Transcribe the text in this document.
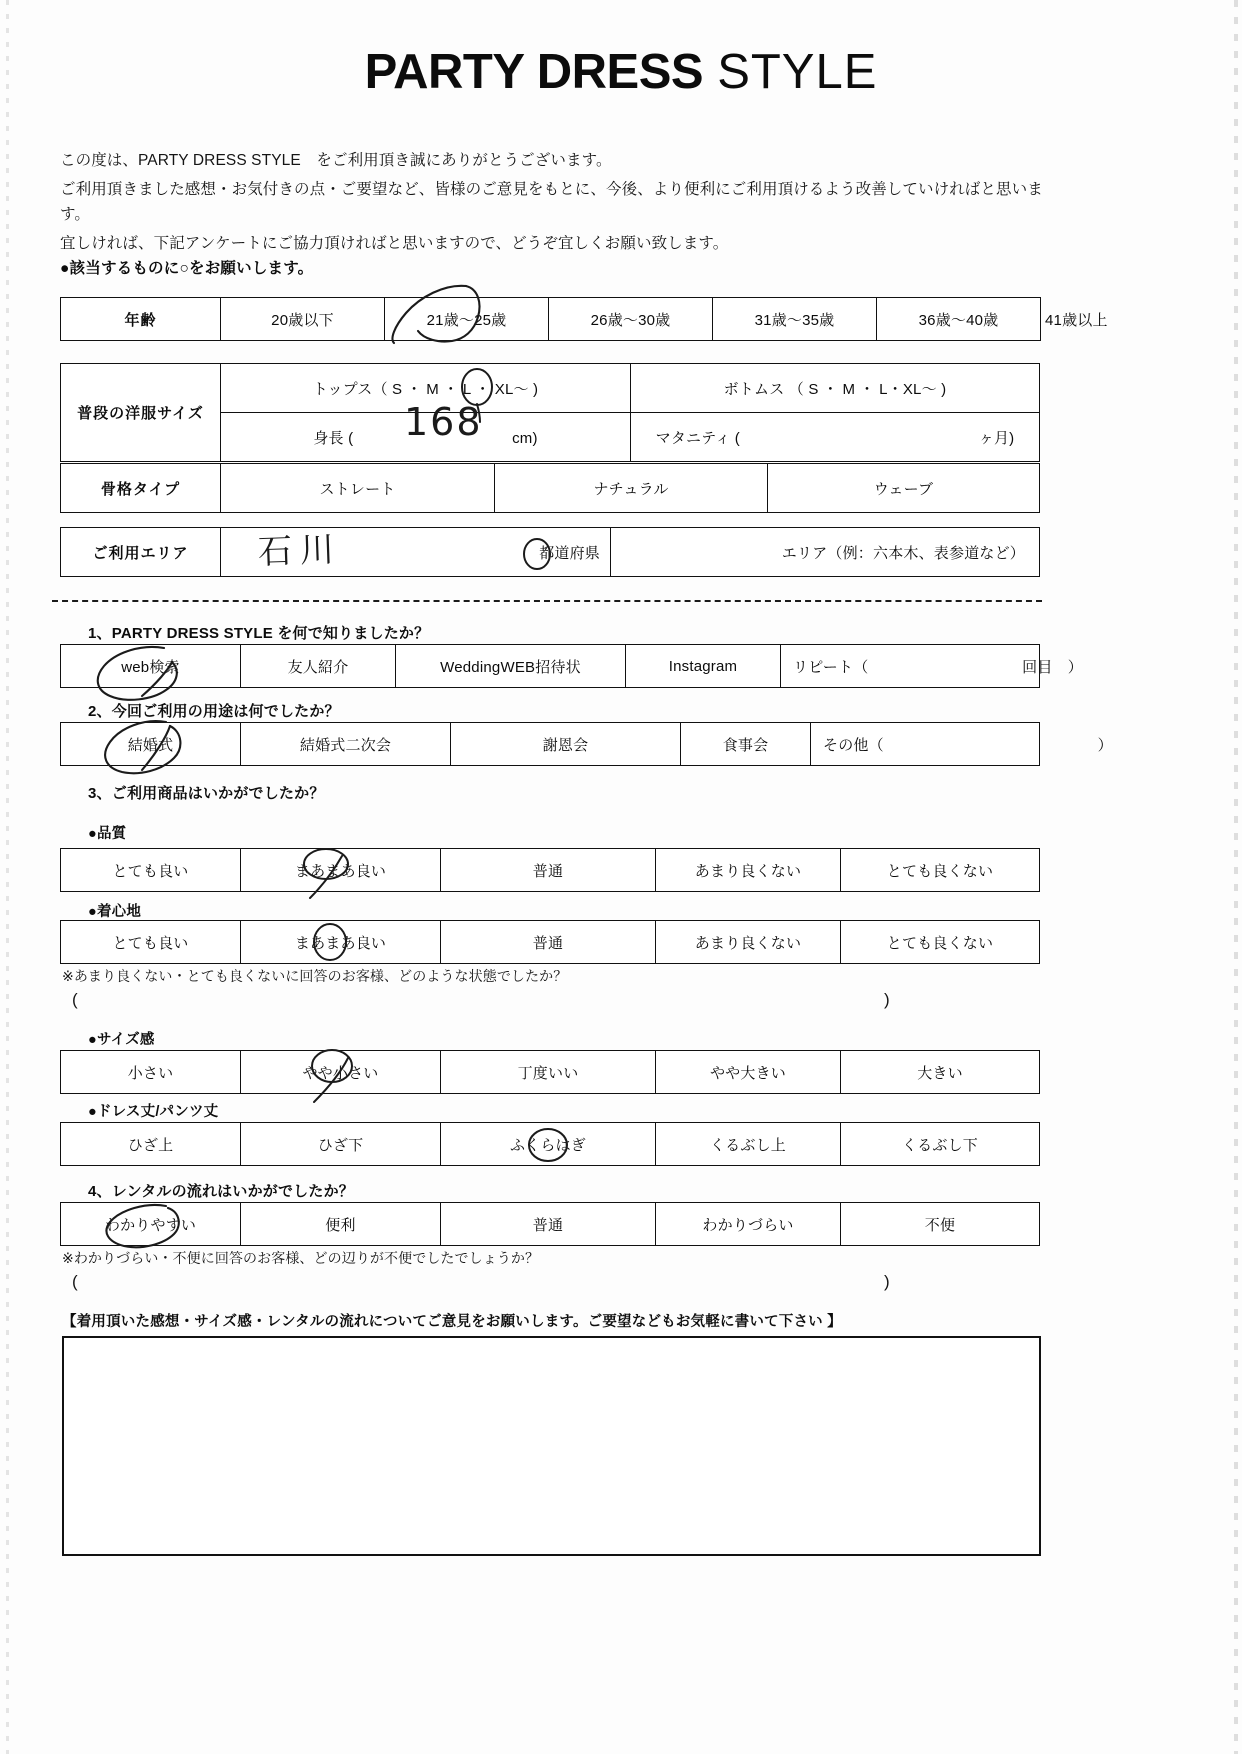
PARTY DRESS STYLE

この度は、PARTY DRESS STYLE　をご利用頂き誠にありがとうございます。

ご利用頂きました感想・お気付きの点・ご要望など、皆様のご意見をもとに、今後、より便利にご利用頂けるよう改善していければと思います。

宜しければ、下記アンケートにご協力頂ければと思いますので、どうぞ宜しくお願い致します。

●該当するものに○をお願いします。
年齢	20歳以下	21歳～25歳	26歳～30歳	31歳～35歳	36歳～40歳	41歳以上
普段の洋服サイズ	トップス（ S ・ M ・ L ・ XL～ )	ボトムス （ S ・ M ・ L・XL～ )
	身長 ( cm)	マタニティ ( ヶ月)
168
骨格タイプ	ストレート	ナチュラル	ウェーブ
ご利用エリア	都道府県	エリア（例：六本木、表参道など）
石川
1、PARTY DRESS STYLE を何で知りましたか？
web検索	友人紹介	WeddingWEB招待状	Instagram	リピート（	回目　）
2、今回ご利用の用途は何でしたか？
結婚式	結婚式二次会	謝恩会	食事会	その他（	）
3、ご利用商品はいかがでしたか？
●品質
とても良い	まあまあ良い	普通	あまり良くない	とても良くない
●着心地
とても良い	まあまあ良い	普通	あまり良くない	とても良くない
※あまり良くない・とても良くないに回答のお客様、どのような状態でしたか？
(	)
●サイズ感
小さい	やや小さい	丁度いい	やや大きい	大きい
●ドレス丈/パンツ丈
ひざ上	ひざ下	ふくらはぎ	くるぶし上	くるぶし下
4、レンタルの流れはいかがでしたか？
わかりやすい	便利	普通	わかりづらい	不便
※わかりづらい・不便に回答のお客様、どの辺りが不便でしたでしょうか？
(	)
【着用頂いた感想・サイズ感・レンタルの流れについてご意見をお願いします。ご要望などもお気軽に書いて下さい 】
